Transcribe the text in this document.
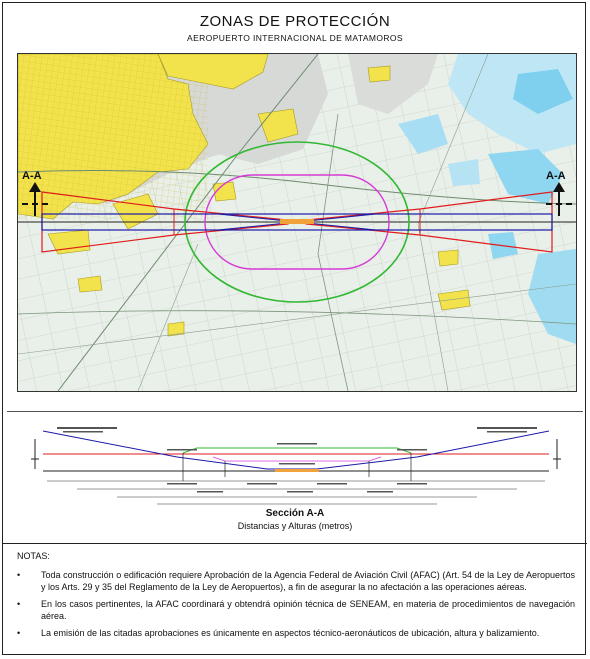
ZONAS DE PROTECCIÓN
AEROPUERTO INTERNACIONAL DE MATAMOROS
A-A	A-A
Sección A-A
Distancias y Alturas (metros)
NOTAS:
• Toda construcción o edificación requiere Aprobación de la Agencia Federal de Aviación Civil (AFAC) (Art. 54 de la Ley de Aeropuertos y los Arts. 29 y 35 del Reglamento de la Ley de Aeropuertos), a fin de asegurar la no afectación a las operaciones aéreas.
• En los casos pertinentes, la AFAC coordinará y obtendrá opinión técnica de SENEAM, en materia de procedimientos de navegación aérea.
• La emisión de las citadas aprobaciones es únicamente en aspectos técnico-aeronáuticos de ubicación, altura y balizamiento.
